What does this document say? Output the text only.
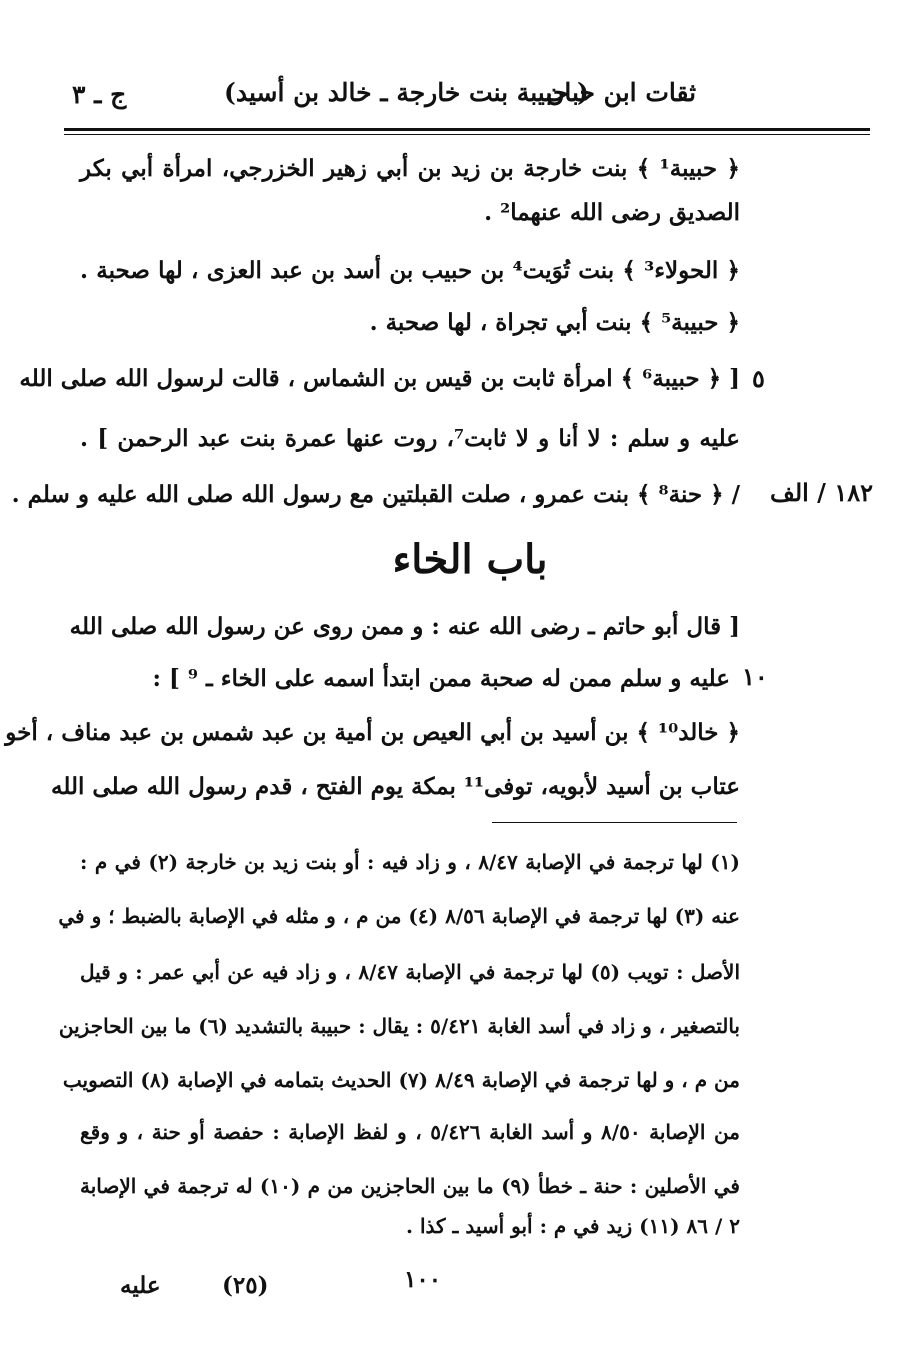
ثقات ابن حبان
( حبيبة بنت خارجة ـ خالد بن أسيد)
ج ـ ٣
﴿ حبيبة¹ ﴾ بنت خارجة بن زيد بن أبي زهير الخزرجي، امرأة أبي بكر
الصديق رضى الله عنهما² .
﴿ الحولاء³ ﴾ بنت تُوَيت⁴ بن حبيب بن أسد بن عبد العزى ، لها صحبة .
﴿ حبيبة⁵ ﴾ بنت أبي تجراة ، لها صحبة .
[ ﴿ حبيبة⁶ ﴾ امرأة ثابت بن قيس بن الشماس ، قالت لرسول الله صلى الله
عليه و سلم : لا أنا و لا ثابت⁷، روت عنها عمرة بنت عبد الرحمن ] .
/ ﴿ حنة⁸ ﴾ بنت عمرو ، صلت القبلتين مع رسول الله صلى الله عليه و سلم .
٥
١٨٢ / الف
١٠
باب الخاء
[ قال أبو حاتم ـ رضى الله عنه : و ممن روى عن رسول الله صلى الله
عليه و سلم ممن له صحبة ممن ابتدأ اسمه على الخاء ـ ⁹ ] :
﴿ خالد¹⁰ ﴾ بن أسيد بن أبي العيص بن أمية بن عبد شمس بن عبد مناف ، أخو
عتاب بن أسيد لأبويه، توفى¹¹ بمكة يوم الفتح ، قدم رسول الله صلى الله
(١) لها ترجمة في الإصابة ٨/٤٧ ، و زاد فيه : أو بنت زيد بن خارجة (٢) في م :
عنه (٣) لها ترجمة في الإصابة ٨/٥٦ (٤) من م ، و مثله في الإصابة بالضبط ؛ و في
الأصل : تويب (٥) لها ترجمة في الإصابة ٨/٤٧ ، و زاد فيه عن أبي عمر : و قيل
بالتصغير ، و زاد في أسد الغابة ٥/٤٢١ : يقال : حبيبة بالتشديد (٦) ما بين الحاجزين
من م ، و لها ترجمة في الإصابة ٨/٤٩ (٧) الحديث بتمامه في الإصابة (٨) التصويب
من الإصابة ٨/٥٠ و أسد الغابة ٥/٤٢٦ ، و لفظ الإصابة : حفصة أو حنة ، و وقع
في الأصلين : حنة ـ خطأ (٩) ما بين الحاجزين من م (١٠) له ترجمة في الإصابة
٢ / ٨٦ (١١) زيد في م : أبو أسيد ـ كذا .
عليه	(٢٥)	١٠٠
